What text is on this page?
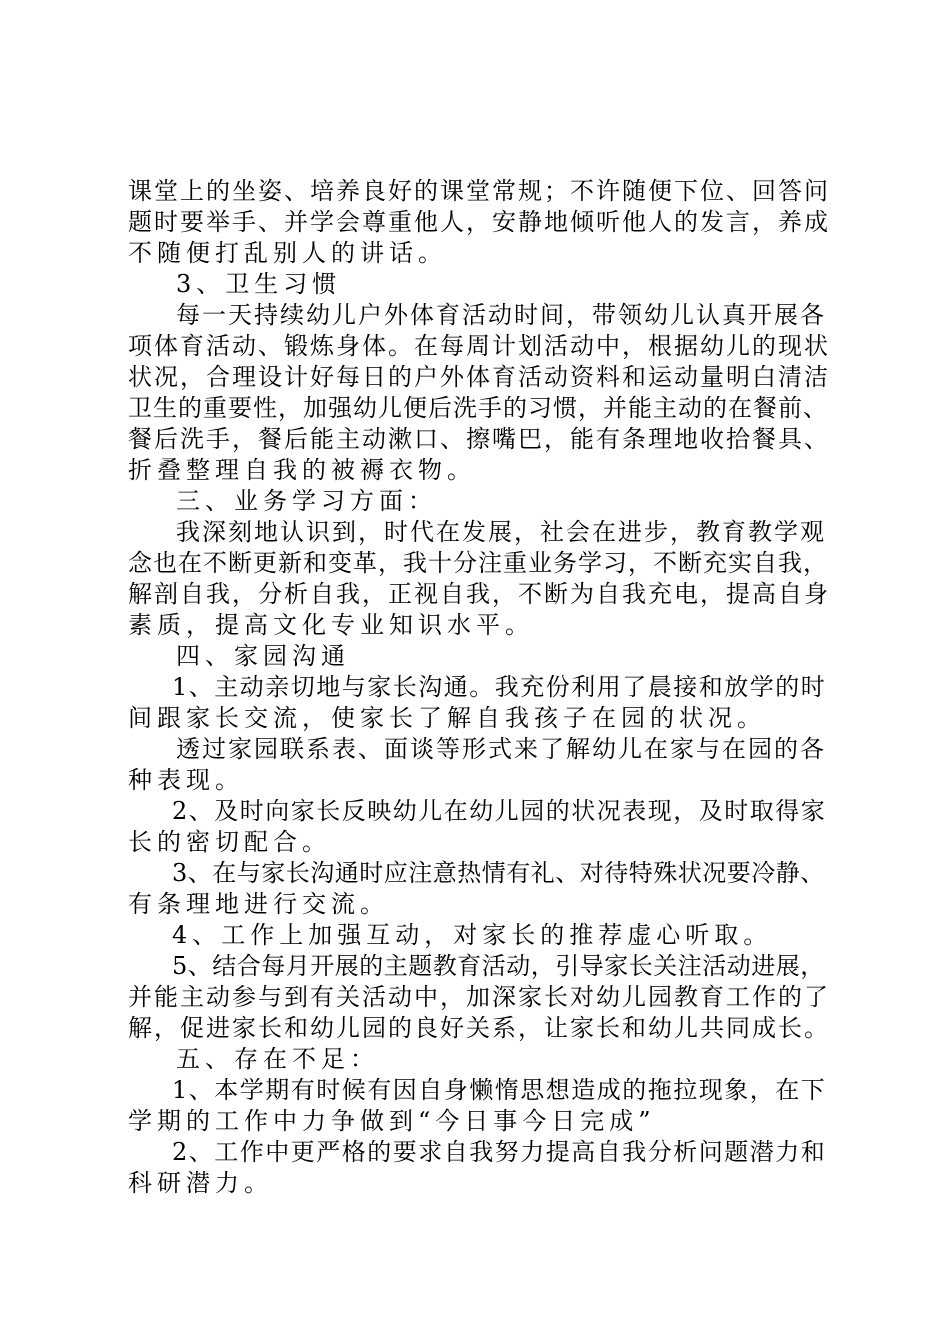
课堂上的坐姿、培养良好的课堂常规；不许随便下位、回答问
题时要举手、并学会尊重他人，安静地倾听他人的发言，养成
不随便打乱别人的讲话。
3、卫生习惯
每一天持续幼儿户外体育活动时间，带领幼儿认真开展各
项体育活动、锻炼身体。在每周计划活动中，根据幼儿的现状
状况，合理设计好每日的户外体育活动资料和运动量明白清洁
卫生的重要性，加强幼儿便后洗手的习惯，并能主动的在餐前、
餐后洗手，餐后能主动漱口、擦嘴巴，能有条理地收拾餐具、
折叠整理自我的被褥衣物。
三、业务学习方面：
我深刻地认识到，时代在发展，社会在进步，教育教学观
念也在不断更新和变革，我十分注重业务学习，不断充实自我，
解剖自我，分析自我，正视自我，不断为自我充电，提高自身
素质，提高文化专业知识水平。
四、家园沟通
1、主动亲切地与家长沟通。我充份利用了晨接和放学的时
间跟家长交流，使家长了解自我孩子在园的状况。
透过家园联系表、面谈等形式来了解幼儿在家与在园的各
种表现。
2、及时向家长反映幼儿在幼儿园的状况表现，及时取得家
长的密切配合。
3、在与家长沟通时应注意热情有礼、对待特殊状况要冷静、
有条理地进行交流。
4、工作上加强互动，对家长的推荐虚心听取。
5、结合每月开展的主题教育活动，引导家长关注活动进展，
并能主动参与到有关活动中，加深家长对幼儿园教育工作的了
解，促进家长和幼儿园的良好关系，让家长和幼儿共同成长。
五、存在不足：
1、本学期有时候有因自身懒惰思想造成的拖拉现象，在下
学期的工作中力争做到“今日事今日完成”
2、工作中更严格的要求自我努力提高自我分析问题潜力和
科研潜力。
